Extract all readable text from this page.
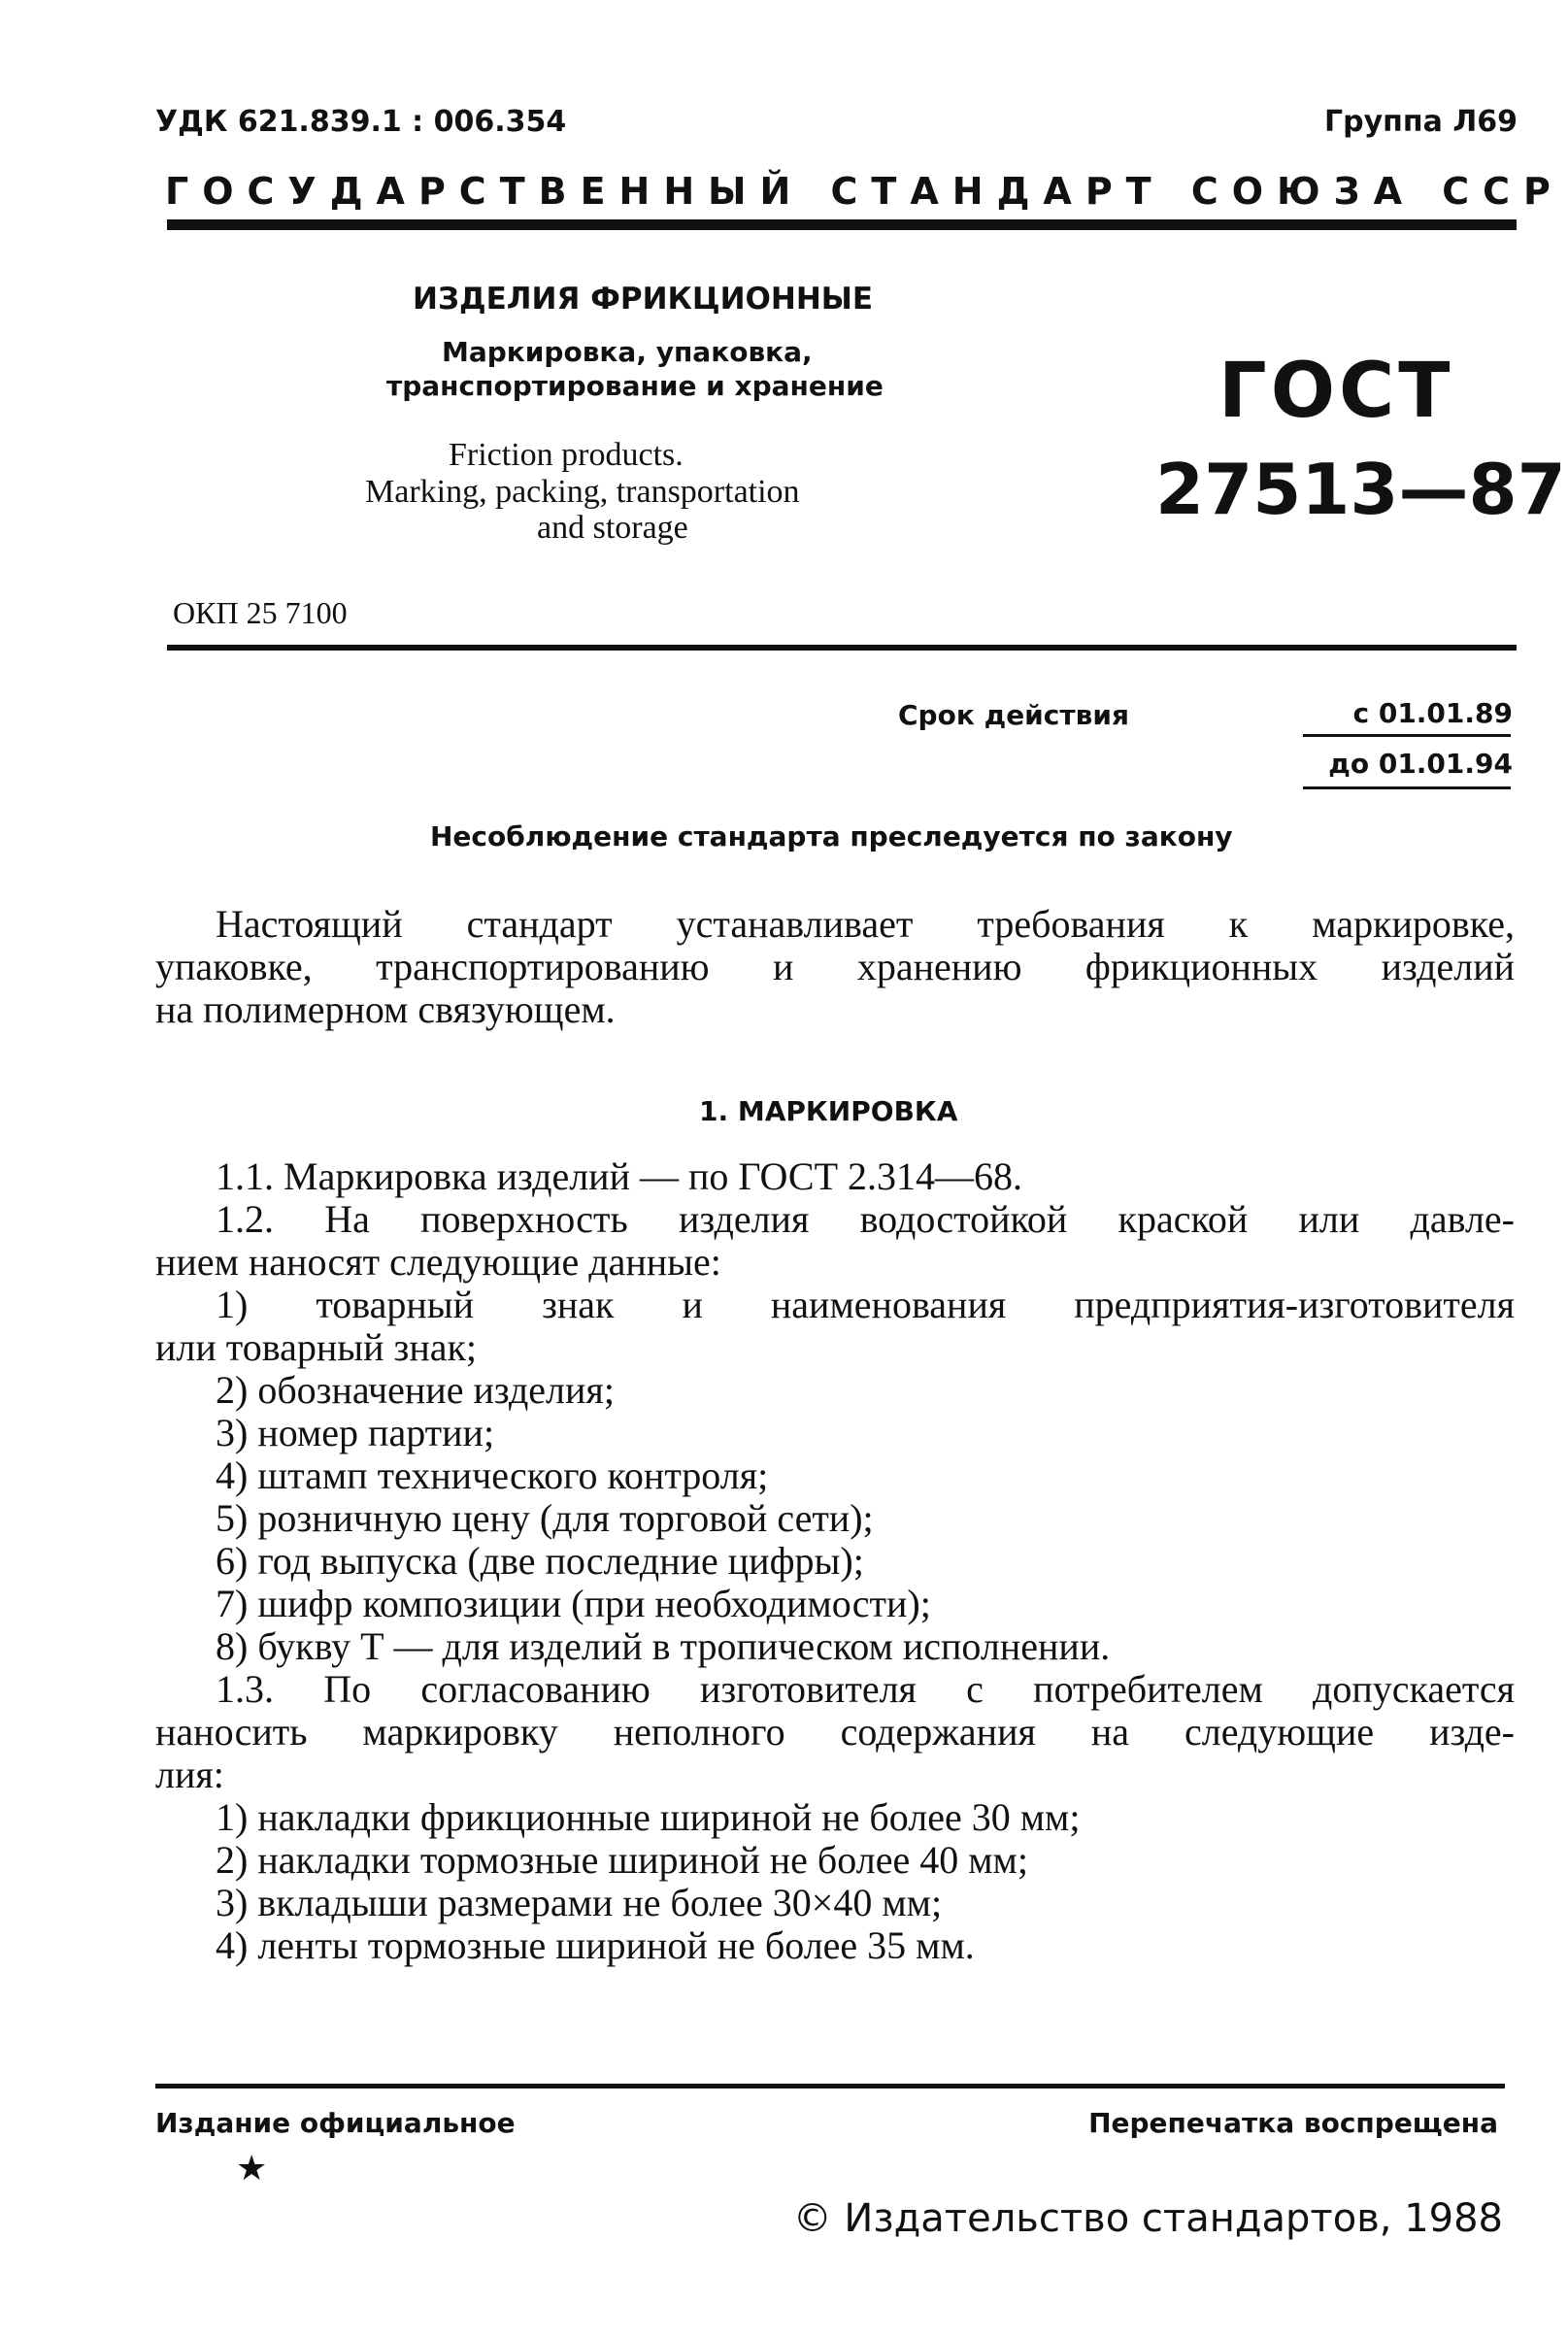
УДК 621.839.1 : 006.354	Группа Л69
ГОСУДАРСТВЕННЫЙ СТАНДАРТ СОЮЗА ССР
ИЗДЕЛИЯ ФРИКЦИОННЫЕ
Маркировка, упаковка,
транспортирование и хранение
Friction products.
Marking, packing, transportation
and storage
ГОСТ
27513—87
ОКП 25 7100
Срок действия	с 01.01.89
до 01.01.94
Несоблюдение стандарта преследуется по закону
Настоящий стандарт устанавливает требования к маркировке,
упаковке, транспортированию и хранению фрикционных изделий
на полимерном связующем.
1. МАРКИРОВКА
1.1. Маркировка изделий — по ГОСТ 2.314—68.
1.2. На поверхность изделия водостойкой краской или давле-
нием наносят следующие данные:
1) товарный знак и наименования предприятия-изготовителя
или товарный знак;
2) обозначение изделия;
3) номер партии;
4) штамп технического контроля;
5) розничную цену (для торговой сети);
6) год выпуска (две последние цифры);
7) шифр композиции (при необходимости);
8) букву Т — для изделий в тропическом исполнении.
1.3. По согласованию изготовителя с потребителем допускается
наносить маркировку неполного содержания на следующие изде-
лия:
1) накладки фрикционные шириной не более 30 мм;
2) накладки тормозные шириной не более 40 мм;
3) вкладыши размерами не более 30×40 мм;
4) ленты тормозные шириной не более 35 мм.
Издание официальное
★
Перепечатка воспрещена
© Издательство стандартов, 1988
